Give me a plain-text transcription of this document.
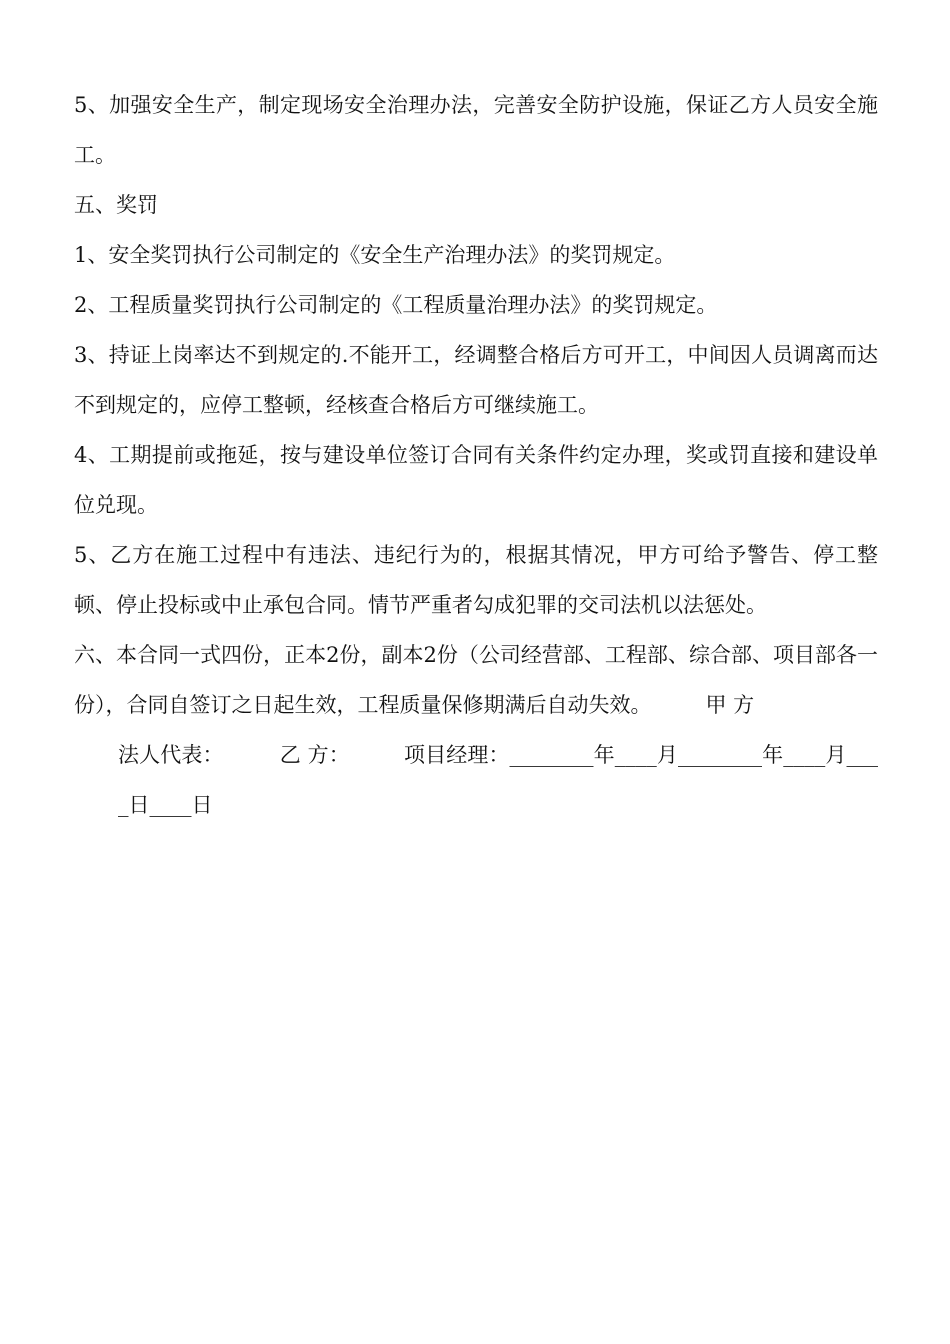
5、加强安全生产，制定现场安全治理办法，完善安全防护设施，保证乙方人员安全施工。

五、奖罚

1、安全奖罚执行公司制定的《安全生产治理办法》的奖罚规定。

2、工程质量奖罚执行公司制定的《工程质量治理办法》的奖罚规定。

3、持证上岗率达不到规定的.不能开工，经调整合格后方可开工，中间因人员调离而达不到规定的，应停工整顿，经核查合格后方可继续施工。

4、工期提前或拖延，按与建设单位签订合同有关条件约定办理，奖或罚直接和建设单位兑现。

5、乙方在施工过程中有违法、违纪行为的，根据其情况，甲方可给予警告、停工整顿、停止投标或中止承包合同。情节严重者勾成犯罪的交司法机以法惩处。

六、本合同一式四份，正本2份，副本2份（公司经营部、工程部、综合部、项目部各一份），合同自签订之日起生效，工程质量保修期满后自动失效。	甲 方

法人代表：	乙 方：	项目经理：________年____月________年____月____日____日
